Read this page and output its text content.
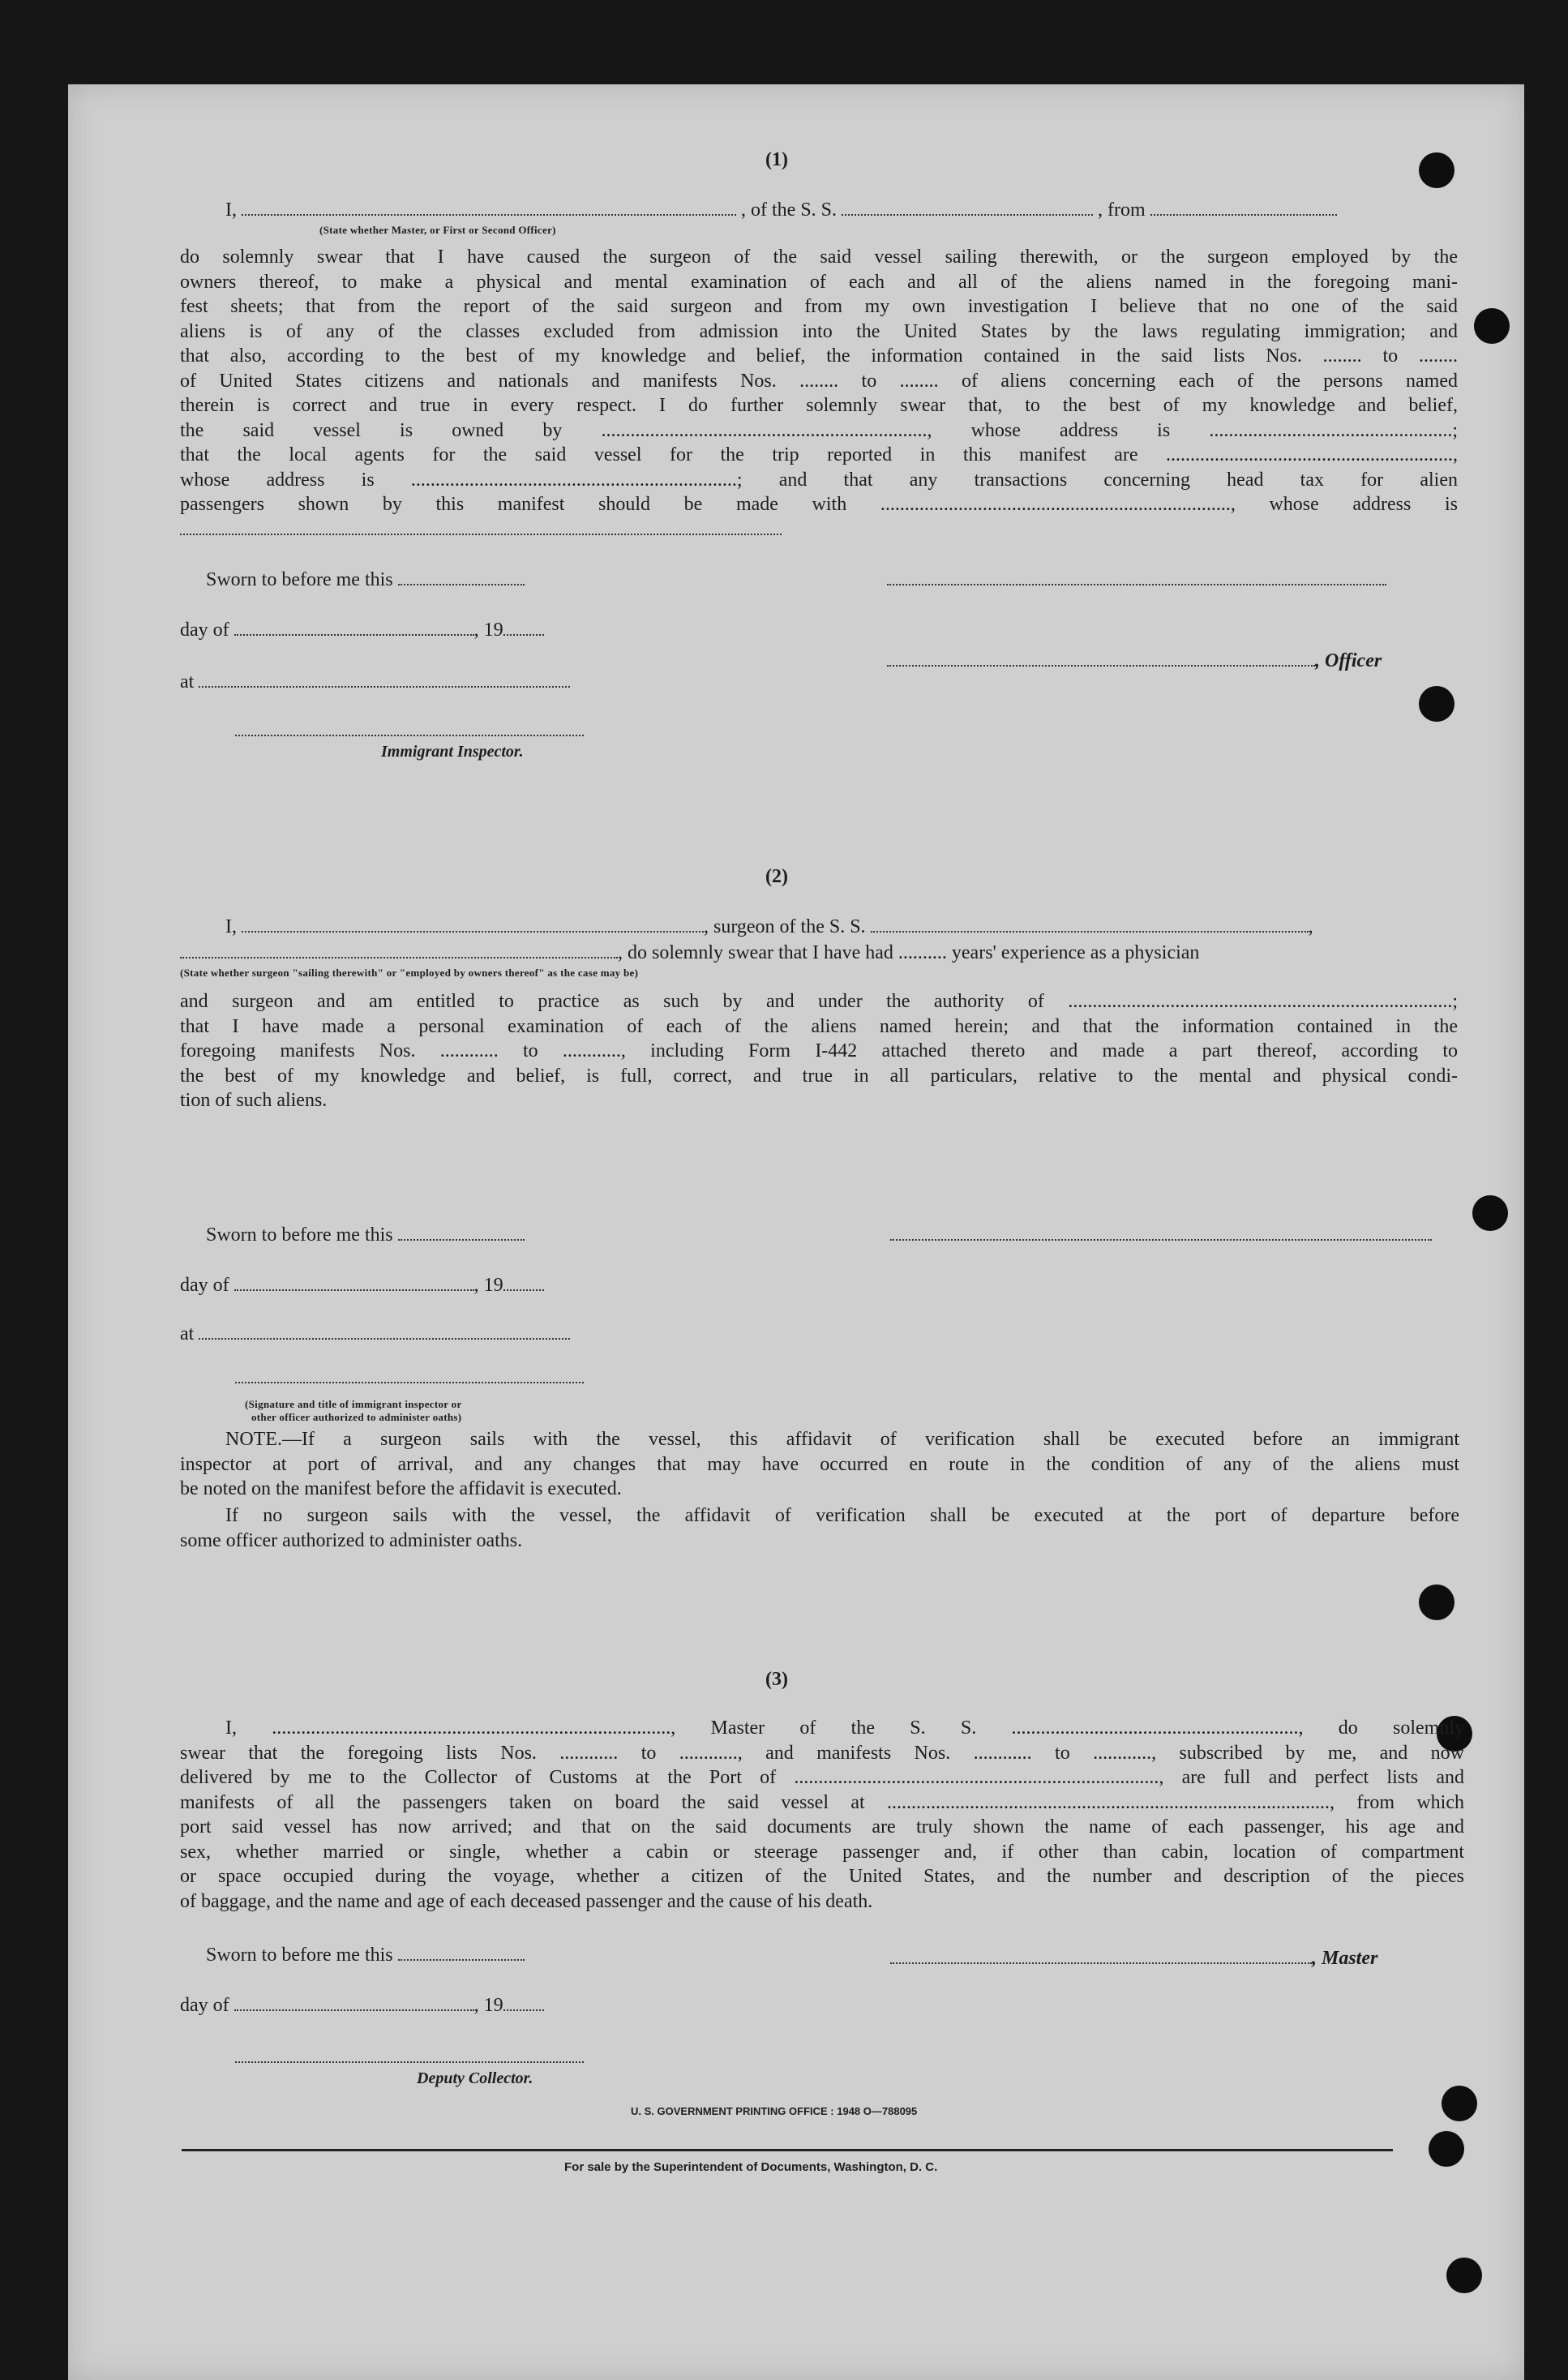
(1)
I,	, of the S. S.	, from
(State whether Master, or First or Second Officer)
do solemnly swear that I have caused the surgeon of the said vessel sailing therewith, or the surgeon employed by the
owners thereof, to make a physical and mental examination of each and all of the aliens named in the foregoing mani-
fest sheets; that from the report of the said surgeon and from my own investigation I believe that no one of the said
aliens is of any of the classes excluded from admission into the United States by the laws regulating immigration; and
that also, according to the best of my knowledge and belief, the information contained in the said lists Nos. ........ to ........
of United States citizens and nationals and manifests Nos. ........ to ........ of aliens concerning each of the persons named
therein is correct and true in every respect. I do further solemnly swear that, to the best of my knowledge and belief,
the said vessel is owned by ..................................................................., whose address is ..................................................;
that the local agents for the said vessel for the trip reported in this manifest are ...........................................................,
whose address is ...................................................................; and that any transactions concerning head tax for alien
passengers shown by this manifest should be made with ........................................................................, whose address is
Sworn to before me this
day of	, 19
, Officer
at
Immigrant Inspector.
(2)
I,	, surgeon of the S. S.	,
, do solemnly swear that I have had .......... years' experience as a physician
(State whether surgeon "sailing therewith" or "employed by owners thereof" as the case may be)
and surgeon and am entitled to practice as such by and under the authority of ...............................................................................;
that I have made a personal examination of each of the aliens named herein; and that the information contained in the
foregoing manifests Nos. ............ to ............, including Form I-442 attached thereto and made a part thereof, according to
the best of my knowledge and belief, is full, correct, and true in all particulars, relative to the mental and physical condi-
tion of such aliens.
Sworn to before me this
day of	, 19
at
(Signature and title of immigrant inspector or
other officer authorized to administer oaths)
NOTE.—If a surgeon sails with the vessel, this affidavit of verification shall be executed before an immigrant
inspector at port of arrival, and any changes that may have occurred en route in the condition of any of the aliens must
be noted on the manifest before the affidavit is executed.
If no surgeon sails with the vessel, the affidavit of verification shall be executed at the port of departure before
some officer authorized to administer oaths.
(3)
I, .................................................................................., Master of the S. S. ..........................................................., do solemnly
swear that the foregoing lists Nos. ............ to ............, and manifests Nos. ............ to ............, subscribed by me, and now
delivered by me to the Collector of Customs at the Port of ..........................................................................., are full and perfect lists and
manifests of all the passengers taken on board the said vessel at ..........................................................................................., from which
port said vessel has now arrived; and that on the said documents are truly shown the name of each passenger, his age and
sex, whether married or single, whether a cabin or steerage passenger and, if other than cabin, location of compartment
or space occupied during the voyage, whether a citizen of the United States, and the number and description of the pieces
of baggage, and the name and age of each deceased passenger and the cause of his death.
Sworn to before me this	, Master
day of	, 19
Deputy Collector.
U. S. GOVERNMENT PRINTING OFFICE : 1948 O—788095
For sale by the Superintendent of Documents, Washington, D. C.
